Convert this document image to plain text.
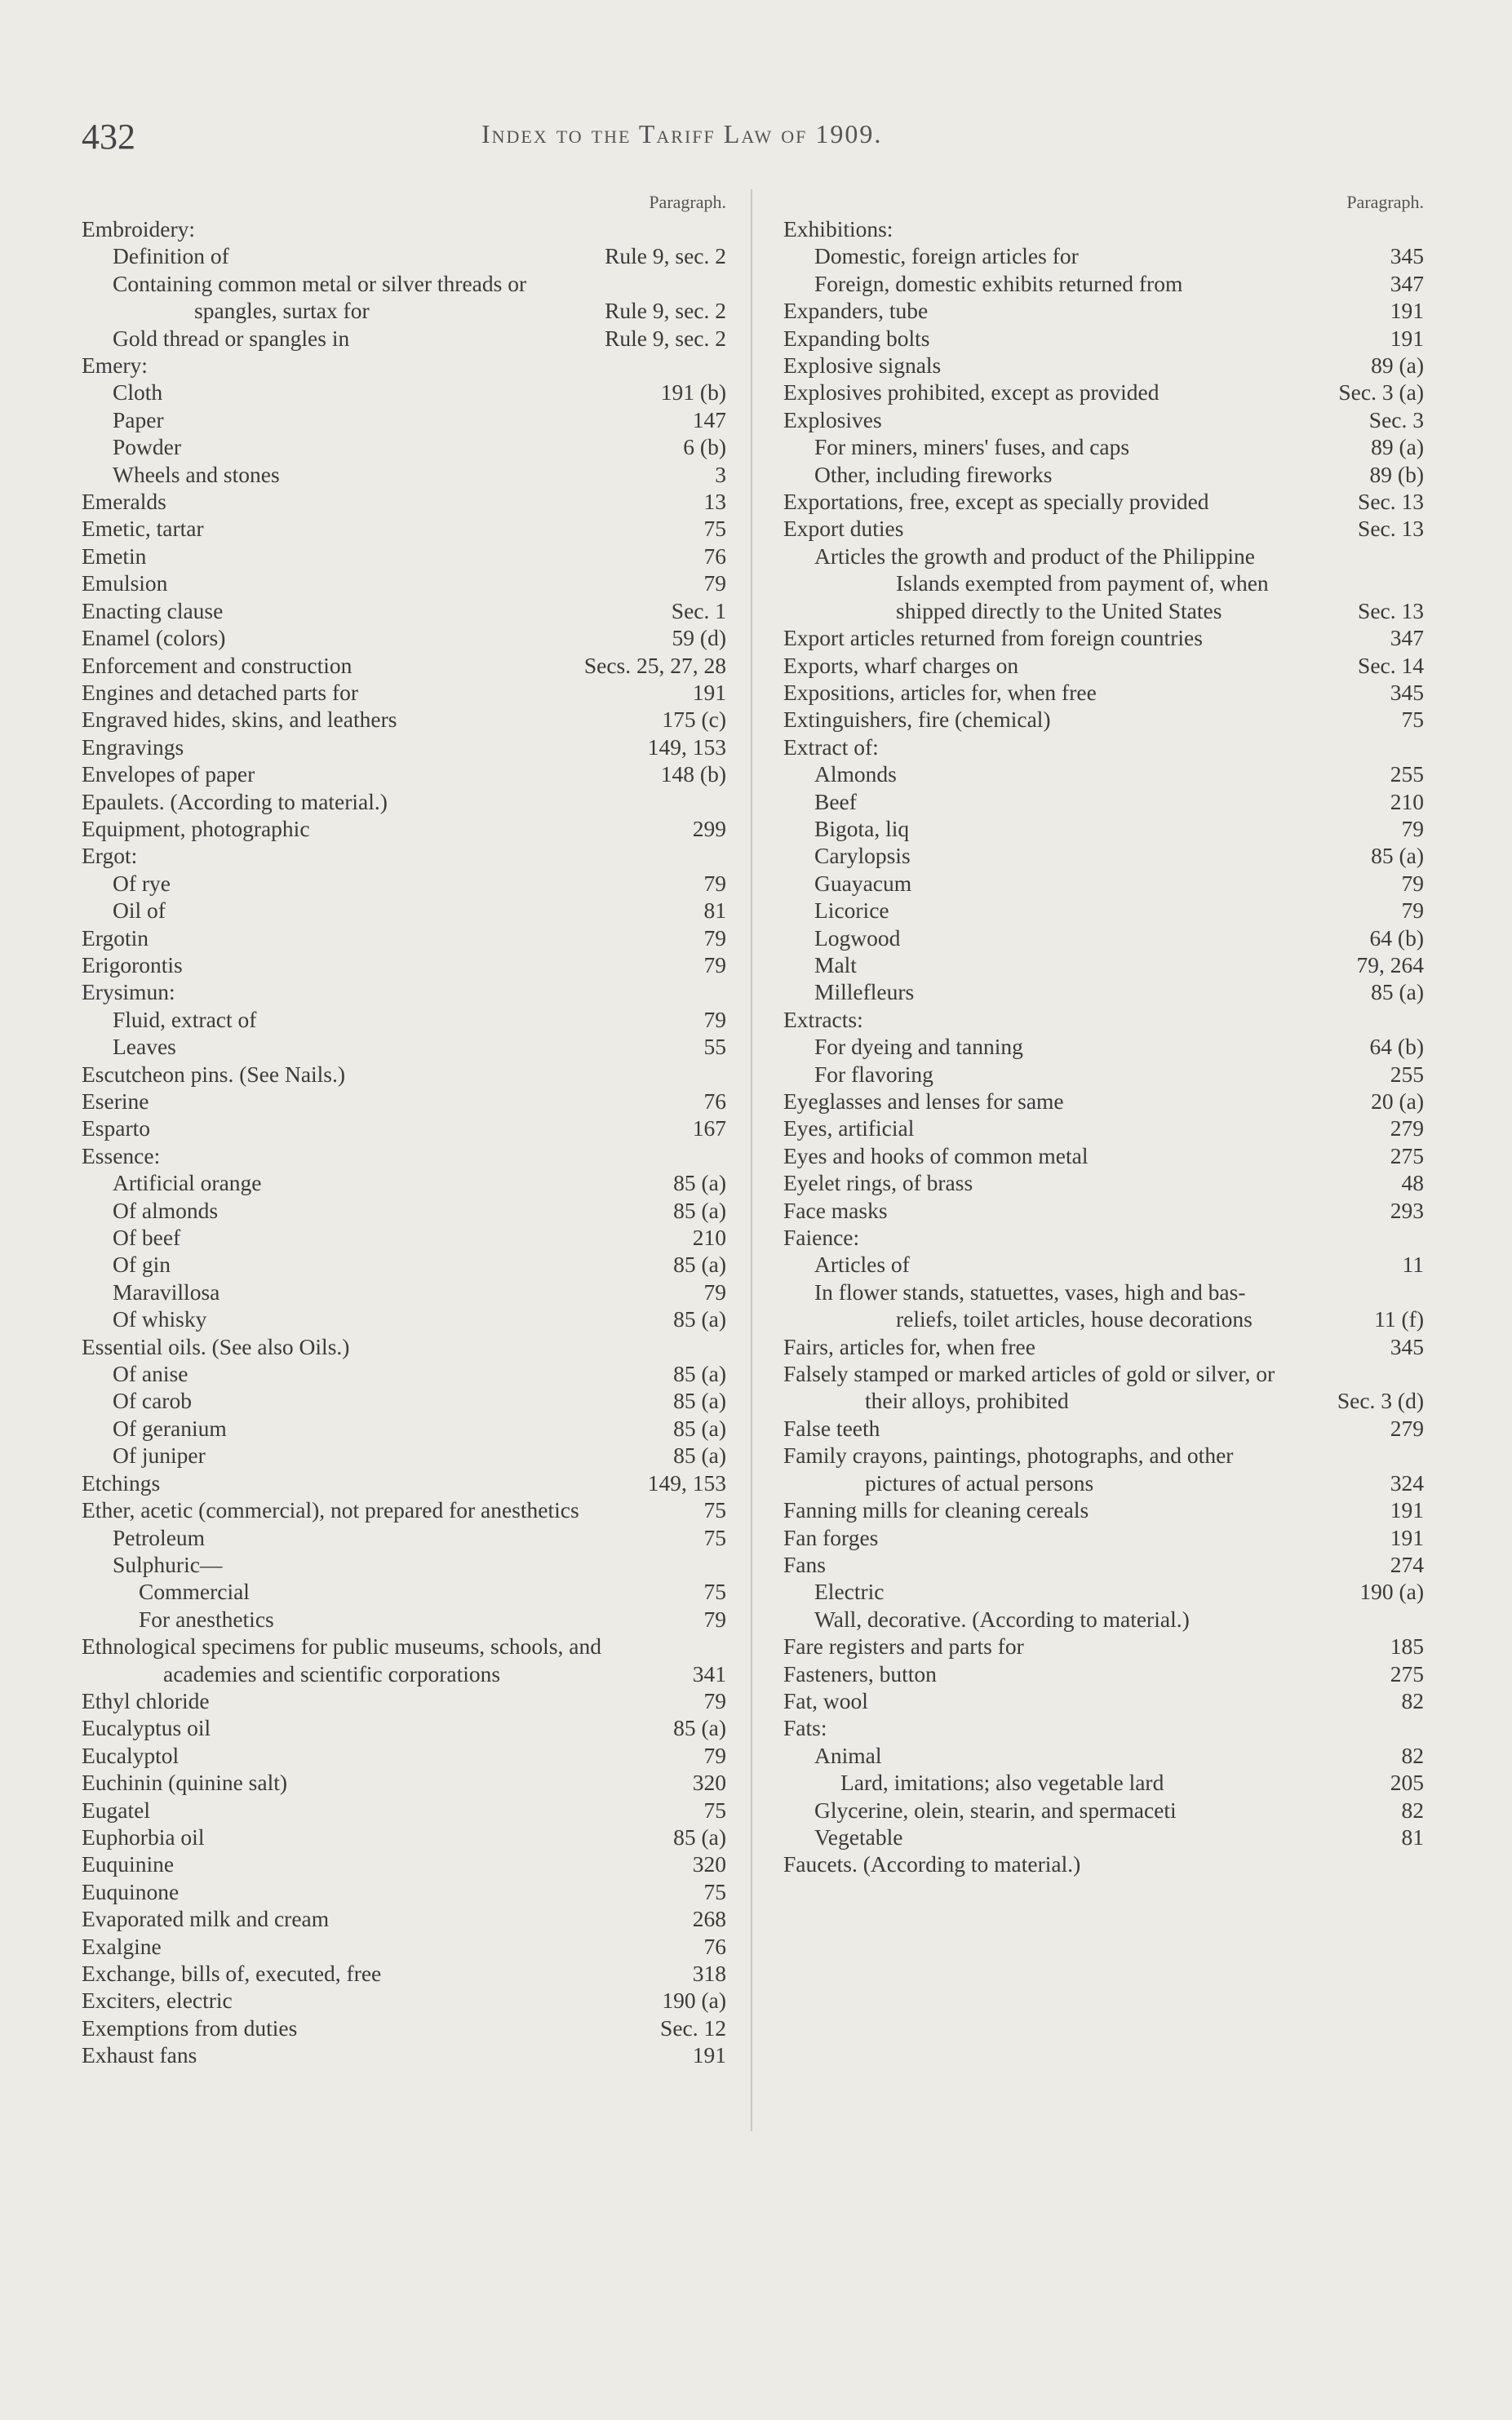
432	Index to the Tariff Law of 1909.
Paragraph.
Embroidery:
Definition of	Rule 9, sec. 2
Containing common metal or silver threads or spangles, surtax for	Rule 9, sec. 2
Gold thread or spangles in	Rule 9, sec. 2
Emery:
Cloth	191 (b)
Paper	147
Powder	6 (b)
Wheels and stones	3
Emeralds	13
Emetic, tartar	75
Emetin	76
Emulsion	79
Enacting clause	Sec. 1
Enamel (colors)	59 (d)
Enforcement and construction	Secs. 25, 27, 28
Engines and detached parts for	191
Engraved hides, skins, and leathers	175 (c)
Engravings	149, 153
Envelopes of paper	148 (b)
Epaulets. (According to material.)
Equipment, photographic	299
Ergot:
Of rye	79
Oil of	81
Ergotin	79
Erigorontis	79
Erysimun:
Fluid, extract of	79
Leaves	55
Escutcheon pins. (See Nails.)
Eserine	76
Esparto	167
Essence:
Artificial orange	85 (a)
Of almonds	85 (a)
Of beef	210
Of gin	85 (a)
Maravillosa	79
Of whisky	85 (a)
Essential oils. (See also Oils.)
Of anise	85 (a)
Of carob	85 (a)
Of geranium	85 (a)
Of juniper	85 (a)
Etchings	149, 153
Ether, acetic (commercial), not prepared for anesthetics	75
Petroleum	75
Sulphuric—
Commercial	75
For anesthetics	79
Ethnological specimens for public museums, schools, and academies and scientific corporations	341
Ethyl chloride	79
Eucalyptus oil	85 (a)
Eucalyptol	79
Euchinin (quinine salt)	320
Eugatel	75
Euphorbia oil	85 (a)
Euquinine	320
Euquinone	75
Evaporated milk and cream	268
Exalgine	76
Exchange, bills of, executed, free	318
Exciters, electric	190 (a)
Exemptions from duties	Sec. 12
Exhaust fans	191
Paragraph.
Exhibitions:
Domestic, foreign articles for	345
Foreign, domestic exhibits returned from	347
Expanders, tube	191
Expanding bolts	191
Explosive signals	89 (a)
Explosives prohibited, except as provided	Sec. 3 (a)
Explosives	Sec. 3
For miners, miners' fuses, and caps	89 (a)
Other, including fireworks	89 (b)
Exportations, free, except as specially provided	Sec. 13
Export duties	Sec. 13
Articles the growth and product of the Philippine Islands exempted from payment of, when shipped directly to the United States	Sec. 13
Export articles returned from foreign countries	347
Exports, wharf charges on	Sec. 14
Expositions, articles for, when free	345
Extinguishers, fire (chemical)	75
Extract of:
Almonds	255
Beef	210
Bigota, liq	79
Carylopsis	85 (a)
Guayacum	79
Licorice	79
Logwood	64 (b)
Malt	79, 264
Millefleurs	85 (a)
Extracts:
For dyeing and tanning	64 (b)
For flavoring	255
Eyeglasses and lenses for same	20 (a)
Eyes, artificial	279
Eyes and hooks of common metal	275
Eyelet rings, of brass	48
Face masks	293
Faience:
Articles of	11
In flower stands, statuettes, vases, high and bas-reliefs, toilet articles, house decorations	11 (f)
Fairs, articles for, when free	345
Falsely stamped or marked articles of gold or silver, or their alloys, prohibited	Sec. 3 (d)
False teeth	279
Family crayons, paintings, photographs, and other pictures of actual persons	324
Fanning mills for cleaning cereals	191
Fan forges	191
Fans	274
Electric	190 (a)
Wall, decorative. (According to material.)
Fare registers and parts for	185
Fasteners, button	275
Fat, wool	82
Fats:
Animal	82
Lard, imitations; also vegetable lard	205
Glycerine, olein, stearin, and spermaceti	82
Vegetable	81
Faucets. (According to material.)
